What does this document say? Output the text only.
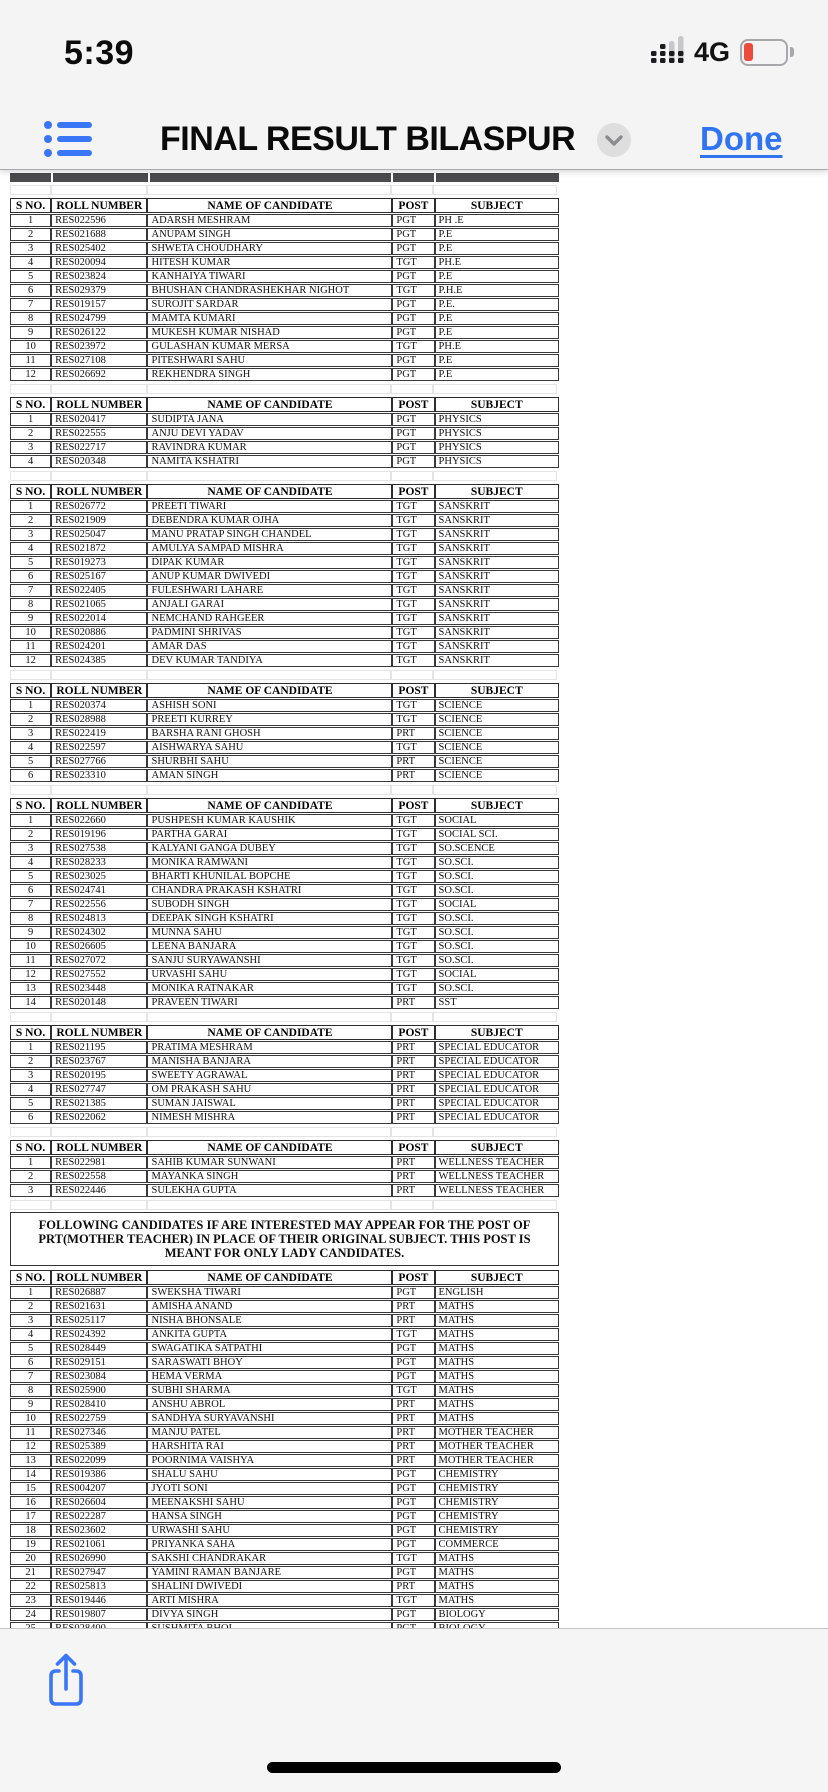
5:39	4G
FINAL RESULT BILASPUR	Done
S NO.	ROLL NUMBER	NAME OF CANDIDATE	POST	SUBJECT
1	RES022596	ADARSH MESHRAM	PGT	PH .E
2	RES021688	ANUPAM SINGH	PGT	P.E
3	RES025402	SHWETA CHOUDHARY	PGT	P.E
4	RES020094	HITESH KUMAR	TGT	PH.E
5	RES023824	KANHAIYA TIWARI	PGT	P.E
6	RES029379	BHUSHAN CHANDRASHEKHAR NIGHOT	TGT	P.H.E
7	RES019157	SUROJIT SARDAR	PGT	P.E.
8	RES024799	MAMTA KUMARI	PGT	P.E
9	RES026122	MUKESH KUMAR NISHAD	PGT	P.E
10	RES023972	GULASHAN KUMAR MERSA	TGT	PH.E
11	RES027108	PITESHWARI SAHU	PGT	P.E
12	RES026692	REKHENDRA SINGH	PGT	P.E
S NO.	ROLL NUMBER	NAME OF CANDIDATE	POST	SUBJECT
1	RES020417	SUDIPTA JANA	PGT	PHYSICS
2	RES022555	ANJU DEVI YADAV	PGT	PHYSICS
3	RES022717	RAVINDRA KUMAR	PGT	PHYSICS
4	RES020348	NAMITA KSHATRI	PGT	PHYSICS
S NO.	ROLL NUMBER	NAME OF CANDIDATE	POST	SUBJECT
1	RES026772	PREETI TIWARI	TGT	SANSKRIT
2	RES021909	DEBENDRA KUMAR OJHA	TGT	SANSKRIT
3	RES025047	MANU PRATAP SINGH CHANDEL	TGT	SANSKRIT
4	RES021872	AMULYA SAMPAD MISHRA	TGT	SANSKRIT
5	RES019273	DIPAK KUMAR	TGT	SANSKRIT
6	RES025167	ANUP KUMAR DWIVEDI	TGT	SANSKRIT
7	RES022405	FULESHWARI LAHARE	TGT	SANSKRIT
8	RES021065	ANJALI GARAI	TGT	SANSKRIT
9	RES022014	NEMCHAND RAHGEER	TGT	SANSKRIT
10	RES020886	PADMINI SHRIVAS	TGT	SANSKRIT
11	RES024201	AMAR DAS	TGT	SANSKRIT
12	RES024385	DEV KUMAR TANDIYA	TGT	SANSKRIT
S NO.	ROLL NUMBER	NAME OF CANDIDATE	POST	SUBJECT
1	RES020374	ASHISH SONI	TGT	SCIENCE
2	RES028988	PREETI KURREY	TGT	SCIENCE
3	RES022419	BARSHA RANI GHOSH	PRT	SCIENCE
4	RES022597	AISHWARYA SAHU	TGT	SCIENCE
5	RES027766	SHURBHI SAHU	PRT	SCIENCE
6	RES023310	AMAN SINGH	PRT	SCIENCE
S NO.	ROLL NUMBER	NAME OF CANDIDATE	POST	SUBJECT
1	RES022660	PUSHPESH KUMAR KAUSHIK	TGT	SOCIAL
2	RES019196	PARTHA GARAI	TGT	SOCIAL SCI.
3	RES027538	KALYANI GANGA DUBEY	TGT	SO.SCENCE
4	RES028233	MONIKA RAMWANI	TGT	SO.SCI.
5	RES023025	BHARTI KHUNILAL BOPCHE	TGT	SO.SCI.
6	RES024741	CHANDRA PRAKASH KSHATRI	TGT	SO.SCI.
7	RES022556	SUBODH SINGH	TGT	SOCIAL
8	RES024813	DEEPAK SINGH KSHATRI	TGT	SO.SCI.
9	RES024302	MUNNA SAHU	TGT	SO.SCI.
10	RES026605	LEENA BANJARA	TGT	SO.SCI.
11	RES027072	SANJU SURYAWANSHI	TGT	SO.SCI.
12	RES027552	URVASHI SAHU	TGT	SOCIAL
13	RES023448	MONIKA RATNAKAR	TGT	SO.SCI.
14	RES020148	PRAVEEN TIWARI	PRT	SST
S NO.	ROLL NUMBER	NAME OF CANDIDATE	POST	SUBJECT
1	RES021195	PRATIMA MESHRAM	PRT	SPECIAL EDUCATOR
2	RES023767	MANISHA BANJARA	PRT	SPECIAL EDUCATOR
3	RES020195	SWEETY AGRAWAL	PRT	SPECIAL EDUCATOR
4	RES027747	OM PRAKASH SAHU	PRT	SPECIAL EDUCATOR
5	RES021385	SUMAN JAISWAL	PRT	SPECIAL EDUCATOR
6	RES022062	NIMESH MISHRA	PRT	SPECIAL EDUCATOR
S NO.	ROLL NUMBER	NAME OF CANDIDATE	POST	SUBJECT
1	RES022981	SAHIB KUMAR SUNWANI	PRT	WELLNESS TEACHER
2	RES022558	MAYANKA SINGH	PRT	WELLNESS TEACHER
3	RES022446	SULEKHA GUPTA	PRT	WELLNESS TEACHER
FOLLOWING CANDIDATES IF ARE INTERESTED MAY APPEAR FOR THE POST OF PRT(MOTHER TEACHER) IN PLACE OF THEIR ORIGINAL SUBJECT. THIS POST IS MEANT FOR ONLY LADY CANDIDATES.
S NO.	ROLL NUMBER	NAME OF CANDIDATE	POST	SUBJECT
1	RES026887	SWEKSHA TIWARI	PGT	ENGLISH
2	RES021631	AMISHA ANAND	PRT	MATHS
3	RES025117	NISHA BHONSALE	PRT	MATHS
4	RES024392	ANKITA GUPTA	TGT	MATHS
5	RES028449	SWAGATIKA SATPATHI	PGT	MATHS
6	RES029151	SARASWATI BHOY	PGT	MATHS
7	RES023084	HEMA VERMA	PGT	MATHS
8	RES025900	SUBHI SHARMA	TGT	MATHS
9	RES028410	ANSHU ABROL	PRT	MATHS
10	RES022759	SANDHYA SURYAVANSHI	PRT	MATHS
11	RES027346	MANJU PATEL	PRT	MOTHER TEACHER
12	RES025389	HARSHITA RAI	PRT	MOTHER TEACHER
13	RES022099	POORNIMA VAISHYA	PRT	MOTHER TEACHER
14	RES019386	SHALU SAHU	PGT	CHEMISTRY
15	RES004207	JYOTI SONI	PGT	CHEMISTRY
16	RES026604	MEENAKSHI SAHU	PGT	CHEMISTRY
17	RES022287	HANSA SINGH	PGT	CHEMISTRY
18	RES023602	URWASHI SAHU	PGT	CHEMISTRY
19	RES021061	PRIYANKA SAHA	PGT	COMMERCE
20	RES026990	SAKSHI CHANDRAKAR	TGT	MATHS
21	RES027947	YAMINI RAMAN BANJARE	PGT	MATHS
22	RES025813	SHALINI DWIVEDI	PRT	MATHS
23	RES019446	ARTI MISHRA	TGT	MATHS
24	RES019807	DIVYA SINGH	PGT	BIOLOGY
